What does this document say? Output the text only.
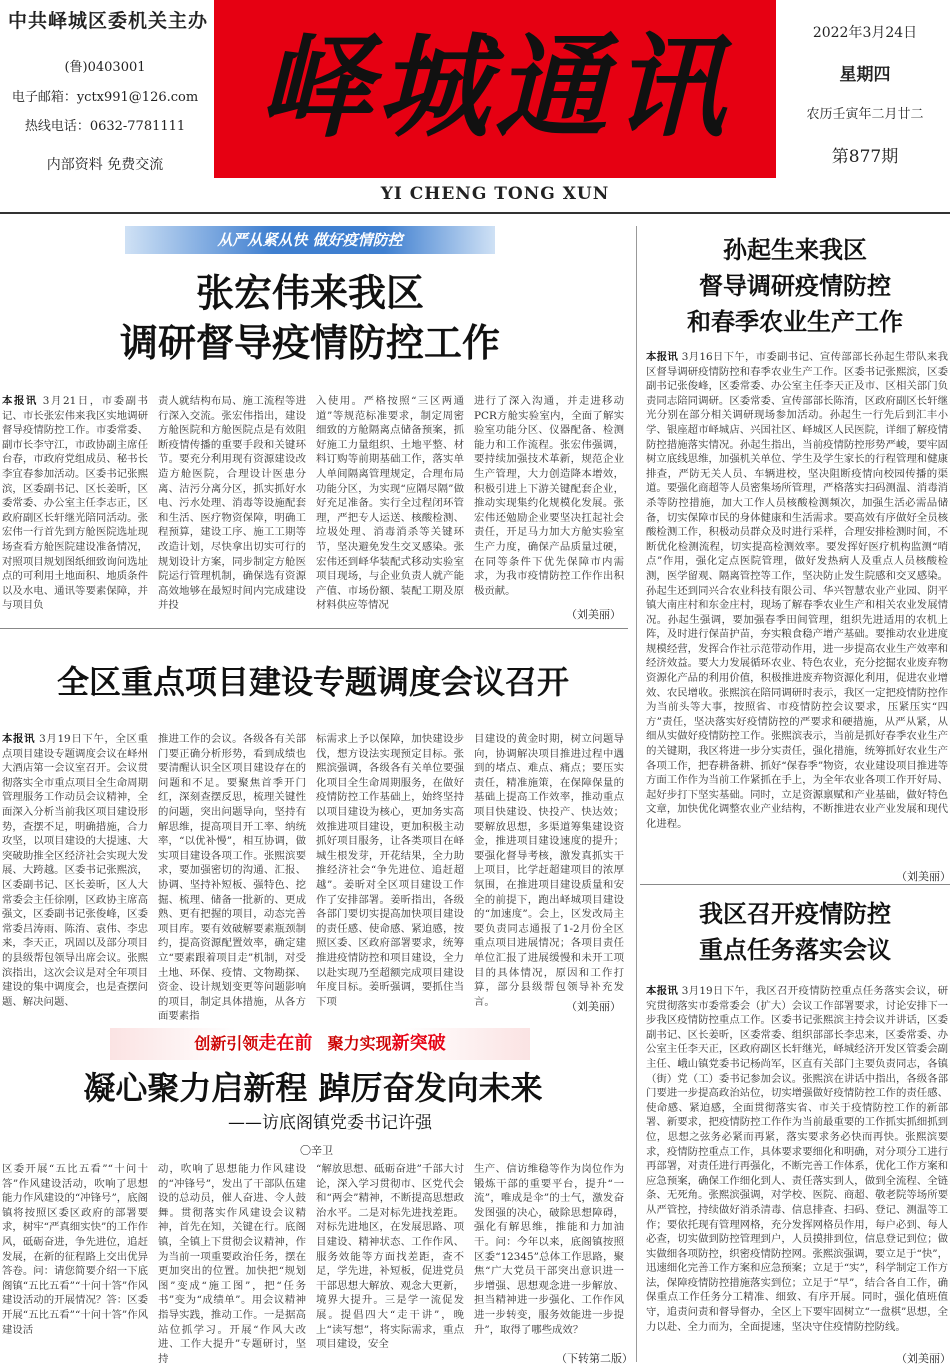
中共峄城区委机关主办
(鲁)0403001
电子邮箱：yctx991@126.com
热线电话：0632-7781111
内部资料 免费交流
峄城通讯
YI CHENG TONG XUN
2022年3月24日
星期四
农历壬寅年二月廿二
第877期
从严从紧从快 做好疫情防控
张宏伟来我区
调研督导疫情防控工作
本报讯 3月21日，市委副书记、市长张宏伟来我区实地调研督导疫情防控工作。市委常委、副市长李守江，市政协副主席任台春，市政府党组成员、秘书长李宜春参加活动。区委书记张熙滨，区委副书记、区长姜昕，区委常委、办公室主任李志正，区政府副区长轩继光陪同活动。张宏伟一行首先到方舱医院选址现场查看方舱医院建设准备情况，对照项目规划图纸细致询问选址点的可利用土地面积、地质条件以及水电、通讯等要素保障，并与项目负
责人就结构布局、施工流程等进行深入交流。张宏伟指出，建设方舱医院和方舱医院点是有效阻断疫情传播的重要手段和关键环节。要充分利用现有资源建设改造方舱医院，合理设计医患分离、洁污分离分区，抓实抓好水电、污水处理、消毒等设施配套和生活、医疗物资保障，明确工程预算，建设工序、施工工期等改造计划，尽快拿出切实可行的规划设计方案，同步制定方舱医院运行管理机制，确保选有资源高效地够在最短时间内完成建设并投
入使用。严格按照“三区两通道”等规范标准要求，制定周密细致的方舱隔离点储备预案，抓好施工力量组织、土地平整、材料订购等前期基础工作，落实单人单间隔离管理规定，合理布局功能分区，为实现“应隔尽隔”做好充足准备。实行全过程闭环管理，严把专人运送、核酸检测、垃圾处理、消毒消杀等关键环节，坚决避免发生交叉感染。张宏伟还到峄华装配式移动实验室项目现场，与企业负责人就产能产值、市场份额、装配工期及原材料供应等情况
进行了深入沟通，并走进移动PCR方舱实验室内，全面了解实验室功能分区、仪器配备、检测能力和工作流程。张宏伟强调，要持续加强技术革新，规范企业生产管理，大力创造降本增效，积极引进上下游关键配套企业，推动实现集约化规模化发展。张宏伟还勉励企业要坚决扛起社会责任，开足马力加大方舱实验室生产力度，确保产品质量过硬，在同等条件下优先保障市内需求，为我市疫情防控工作作出积极贡献。
（刘美丽）
全区重点项目建设专题调度会议召开
本报讯 3月19日下午，全区重点项目建设专题调度会议在峄州大酒店第一会议室召开。会议贯彻落实全市重点项目全生命周期管理服务工作动员会议精神，全面深入分析当前我区项目建设形势，查摆不足，明确措施，合力攻坚，以项目建设的大提速、大突破助推全区经济社会实现大发展、大跨越。区委书记张熙滨，区委副书记、区长姜昕，区人大常委会主任徐刚，区政协主席高强文，区委副书记张俊峰，区委常委吕涛雨、陈淯、袁伟、李忠来，李天正，巩固以及部分项目的县级帮包领导出席会议。张熙滨指出，这次会议是对全年项目建设的集中调度会，也是查摆问题、解决问题、
推进工作的会议。各级各有关部门要正确分析形势，看到成绩也要清醒认识全区项目建设存在的问题和不足。要聚焦首季开门红，深刻查摆反思，梳理关键性的问题，突出问题导向，坚持有解思维，提高项目开工率、纳统率，“以优补慢”，相互协调，做实项目建设各项工作。张熙滨要求，要加强密切的沟通、汇报、协调、坚持补短板、强特色、挖掘、梳理、储备一批新的、更成熟、更有把握的项目，动态完善项目库。要有效破解要素瓶颈制约，提高资源配置效率，确定建立“要素跟着项目走”机制，对受土地、环保、疫情、文物勘探、资金、设计规划变更等问题影响的项目，制定具体措施，从各方面要素指
标需求上予以保障，加快建设步伐，想方设法实现预定目标。张熙滨强调，各级各有关单位要强化项目全生命周期服务，在做好疫情防控工作基础上，始终坚持以项目建设为核心，更加务实高效推进项目建设，更加积极主动抓好项目服务，让各类项目在峄城生根发芽，开花结果，全力助推经济社会“争先进位、追赶超越”。姜昕对全区项目建设工作作了安排部署。姜昕指出，各级各部门要切实提高加快项目建设的责任感、使命感、紧迫感，按照区委、区政府部署要求，统筹推进疫情防控和项目建设，全力以赴实现乃至超额完成项目建设年度目标。姜昕强调，要抓住当下项
目建设的黄金时期，树立问题导向，协调解决项目推进过程中遇到的堵点、难点、痛点；要压实责任，精准施策，在保障保量的基础上提高工作效率，推动重点项目快建设、快投产、快达效；要解放思想，多渠道筹集建设资金，推进项目建设速度的提升；要强化督导考核，激发真抓实干上项目，比学赶超建项目的浓厚氛围，在推进项目建设质量和安全的前提下，跑出峄城项目建设的“加速度”。会上，区发改局主要负责同志通报了1-2月份全区重点项目进展情况；各项目责任单位汇报了进展缓慢和未开工项目的具体情况，原因和工作打算，部分县级帮包领导补充发言。	（刘美丽）
创新引领走在前 聚力实现新突破
凝心聚力启新程 踔厉奋发向未来
——访底阁镇党委书记许强
〇辛卫
区委开展“五比五看”“十问十答”作风建设活动，吹响了思想能力作风建设的“冲锋号”，底阁镇将按照区委区政府的部署要求，树牢“严真细实快”的工作作风，砥砺奋进，争先进位，追赶发展，在新的征程路上交出优异答卷。问：请您简要介绍一下底阁镇“五比五看”“十问十答”作风建设活动的开展情况？答：区委开展“五比五看”“十问十答”作风建设活
动，吹响了思想能力作风建设的“冲锋号”，发出了干部队伍建设的总动员，催人奋进、令人鼓舞。贯彻落实作风建设会议精神，首先在知，关键在行。底阁镇，全镇上下贯彻会议精神，作为当前一项重要政治任务，摆在更加突出的位置。加快把“规划图”变成“施工图”，把“任务书”变为“成绩单”。用会议精神指导实践，推动工作。一是据高站位抓学习。开展“作风大改进、工作大提升”专题研讨，坚持
“解放思想、砥砺奋进”千部大讨论，深入学习贯彻市、区党代会和“两会”精神，不断提高思想政治水平。二是对标先进找差距。对标先进地区，在发展思路、项目建设、精神状态、工作作风、服务效能等方面找差距，查不足，学先进，补短板，促进党员干部思想大解放、观念大更新，境界大提升。三是学一流促发展。提倡四大“走干讲”，晚上“读写想”，将实际需求，重点项目建设，安全
生产、信访维稳等作为岗位作为锻炼干部的重要平台，提升“一流”，唯成是伞”的士气，激发奋发图强的决心，破除思想障碍，强化有解思维，推能和力加油干。问：今年以来，底阁镇按照区委“12345”总体工作思路，聚焦“广大党员干部突出意识进一步增强、思想观念进一步解放、担当精神进一步强化、工作作风进一步转变，服务效能进一步提升”，取得了哪些成效？
（下转第二版）
孙起生来我区
督导调研疫情防控
和春季农业生产工作
本报讯 3月16日下午，市委副书记、宣传部部长孙起生带队来我区督导调研疫情防控和春季农业生产工作。区委书记张熙滨，区委副书记张俊峰，区委常委、办公室主任李天正及市、区相关部门负责同志陪同调研。区委常委、宣传部部长陈淯，区政府副区长轩继光分别在部分相关调研现场参加活动。孙起生一行先后到汇丰小学、银座超市峄城店、兴国社区、峄城区人民医院，详细了解疫情防控措施落实情况。孙起生指出，当前疫情防控形势严峻，要牢固树立底线思维，加强机关单位、学生及学生家长的行程管理和健康排查，严防无关人员、车辆进校，坚决阻断疫情向校园传播的渠道。要强化商超等人员密集场所管理，严格落实扫码测温、消毒消杀等防控措施，加大工作人员核酸检测频次，加强生活必需品储备，切实保障市民的身体健康和生活需求。要高效有序做好全员核酸检测工作，积极动员群众及时进行采样，合理安排检测时间，不断优化检测流程，切实提高检测效率。要发挥好医疗机构监测“哨点”作用，强化定点医院管理，做好发热病人及重点人员核酸检测，医学留观、隔离管控等工作，坚决防止发生院感和交叉感染。孙起生还到同兴合农业科技有限公司、华兴智慧农业产业园、阴平镇大南庄村和东金庄村，现场了解春季农业生产和相关农业发展情况。孙起生强调，要加强春季田间管理，组织先进适用的农机上阵，及时进行保苗护苗，夯实粮食稳产增产基础。要推动农业进度规模经营，发挥合作社示范带动作用，进一步提高农业生产效率和经济效益。要大力发展循环农业、特色农业，充分挖掘农业废弃物资源化产品的利用价值，积极推进废弃物资源化利用，促进农业增效、农民增收。张熙滨在陪同调研时表示，我区一定把疫情防控作为当前头等大事，按照省、市疫情防控会议要求，压紧压实“四方”责任，坚决落实好疫情防控的严要求和硬措施，从严从紧，从细从实做好疫情防控工作。张熙滨表示，当前是抓好春季农业生产的关键期，我区将进一步分实责任，强化措施，统筹抓好农业生产各项工作，把春耕备耕、抓好“保春季”物资，农业建设项目推进等方面工作作为当前工作紧抓在手上，为全年农业各项工作开好局、起好步打下坚实基础。同时，立足资源禀赋和产业基础，做好特色文章，加快优化调整农业产业结构，不断推进农业产业发展和现代化进程。
（刘美丽）
我区召开疫情防控
重点任务落实会议
本报讯 3月19日下午，我区召开疫情防控重点任务落实会议，研究贯彻落实市委常委会（扩大）会议工作部署要求，讨论安排下一步我区疫情防控重点工作。区委书记张熙滨主持会议并讲话，区委副书记、区长姜昕，区委常委、组织部部长李忠来，区委常委、办公室主任李天正，区政府副区长轩继光，峄城经济开发区管委会副主任、峨山镇党委书记杨尚军，区直有关部门主要负责同志，各镇（街）党（工）委书记参加会议。张熙滨在讲话中指出，各级各部门要进一步提高政治站位，切实增强做好疫情防控工作的责任感、使命感、紧迫感，全面贯彻落实省、市关于疫情防控工作的新部署、新要求，把疫情防控工作作为当前最重要的工作抓实抓细抓到位，思想之弦务必紧而再紧，落实要求务必快而再快。张熙滨要求，疫情防控重点工作，具体要求要细化和明确，对分项分工进行再部署，对责任进行再强化，不断完善工作体系，优化工作方案和应急预案，确保工作细化到人、责任落实到人，做到全流程、全链条、无死角。张熙滨强调，对学校、医院、商超、敬老院等场所要从严管控，持续做好消杀清毒、信息排查、扫码、登记、测温等工作；要依托现有管理网格，充分发挥网格员作用，每户必到、每人必查，切实做到防控管理到户，人员摸排到位，信息登记到位；做实做细各项防控，织密疫情防控网。张熙滨强调，要立足于“快”，迅速细化完善工作方案和应急预案；立足于“实”，科学制定工作方法，保障疫情防控措施落实到位；立足于“早”，结合各自工作，确保重点工作任务分工精准、细致、有序开展。同时，强化值班值守，追责问责和督导督办，全区上下要牢固树立“一盘棋”思想，全力以赴、全力而为，全面提速，坚决守住疫情防控防线。
（刘美丽）
